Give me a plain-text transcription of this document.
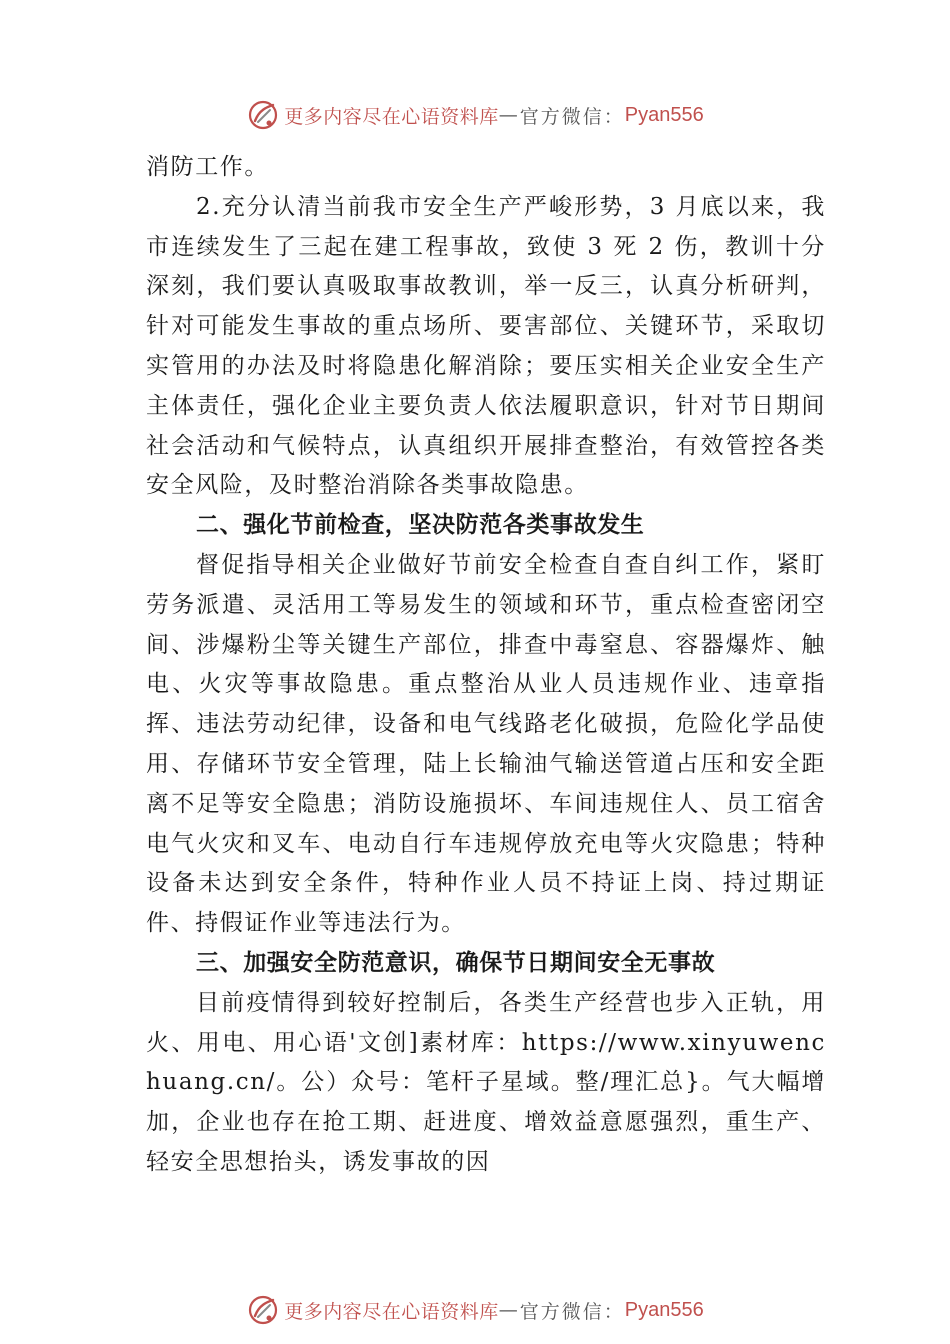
更多内容尽在心语资料库 — 官方微信： Pyan556

消防工作。

2.充分认清当前我市安全生产严峻形势，3 月底以来，我市连续发生了三起在建工程事故，致使 3 死 2 伤，教训十分深刻，我们要认真吸取事故教训，举一反三，认真分析研判，针对可能发生事故的重点场所、要害部位、关键环节，采取切实管用的办法及时将隐患化解消除；要压实相关企业安全生产主体责任，强化企业主要负责人依法履职意识，针对节日期间社会活动和气候特点，认真组织开展排查整治，有效管控各类安全风险，及时整治消除各类事故隐患。

二、强化节前检查，坚决防范各类事故发生

督促指导相关企业做好节前安全检查自查自纠工作，紧盯劳务派遣、灵活用工等易发生的领域和环节，重点检查密闭空间、涉爆粉尘等关键生产部位，排查中毒窒息、容器爆炸、触电、火灾等事故隐患。重点整治从业人员违规作业、违章指挥、违法劳动纪律，设备和电气线路老化破损，危险化学品使用、存储环节安全管理，陆上长输油气输送管道占压和安全距离不足等安全隐患；消防设施损坏、车间违规住人、员工宿舍电气火灾和叉车、电动自行车违规停放充电等火灾隐患；特种设备未达到安全条件，特种作业人员不持证上岗、持过期证件、持假证作业等违法行为。

三、加强安全防范意识，确保节日期间安全无事故

目前疫情得到较好控制后，各类生产经营也步入正轨，用火、用电、用心语'文创]素材库：https://www.xinyuwenchuang.cn/。公）众号：笔杆子星域。整/理汇总}。气大幅增加，企业也存在抢工期、赶进度、增效益意愿强烈，重生产、轻安全思想抬头，诱发事故的因

更多内容尽在心语资料库 — 官方微信： Pyan556
